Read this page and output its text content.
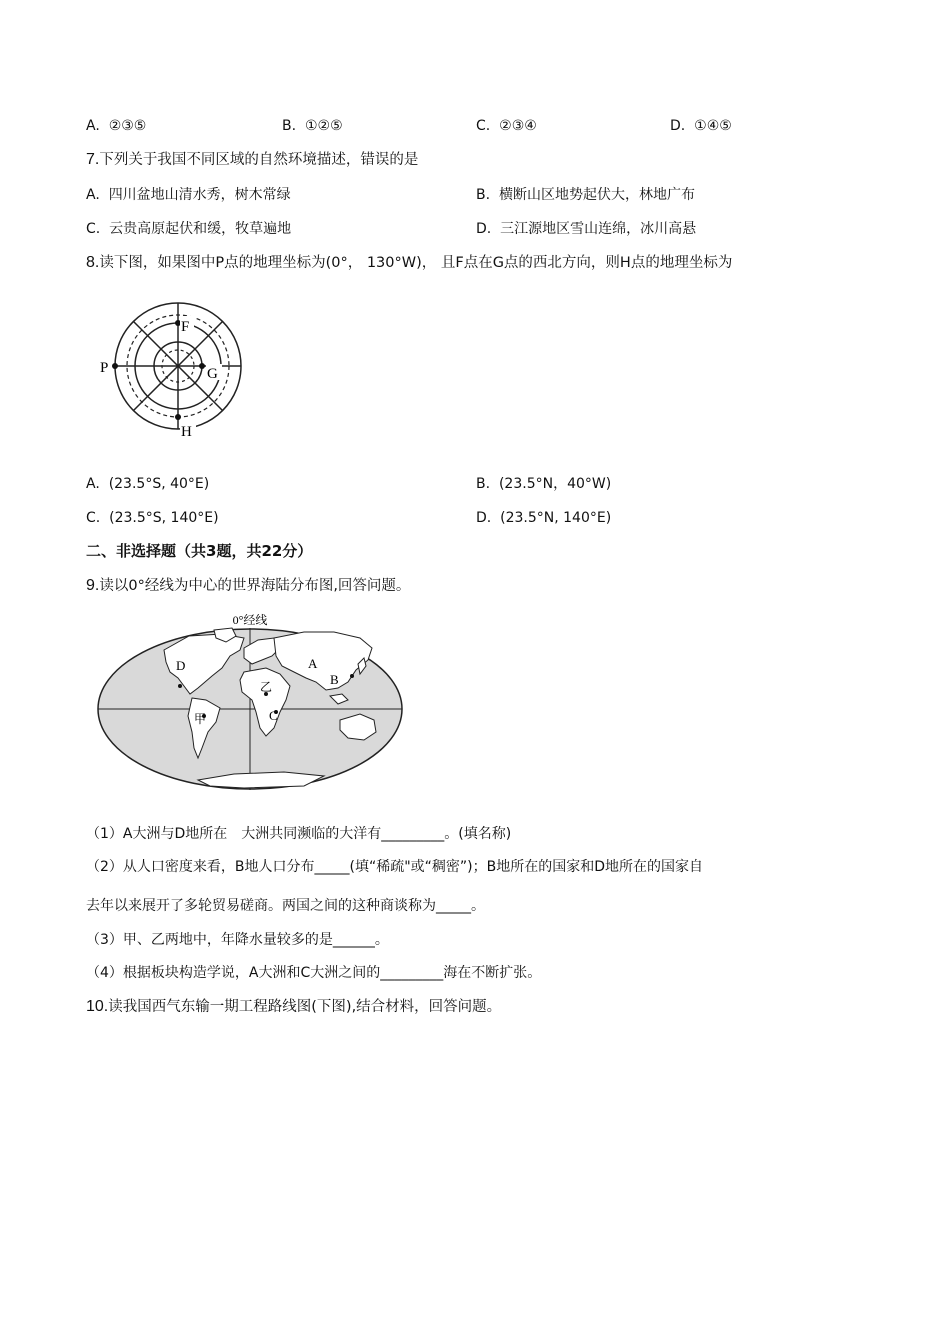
A. ②③⑤	B. ①②⑤	C. ②③④	D. ①④⑤
7.下列关于我国不同区域的自然环境描述，错误的是
A. 四川盆地山清水秀，树木常绿	B. 横断山区地势起伏大，林地广布
C. 云贵高原起伏和缓，牧草遍地	D. 三江源地区雪山连绵，冰川高悬
8.读下图，如果图中P点的地理坐标为(0°， 130°W)， 且F点在G点的西北方向，则H点的地理坐标为
F
P	G
H
A. (23.5°S, 40°E)	B. (23.5°N，40°W)
C. (23.5°S, 140°E)	D. (23.5°N, 140°E)
二、非选择题（共3题，共22分）
9.读以0°经线为中心的世界海陆分布图,回答问题。
0°经线
A
B
C
D
甲
乙
（1）A大洲与D地所在　大洲共同濒临的大洋有_________。(填名称)
（2）从人口密度来看，B地人口分布_____(填“稀疏"或“稠密”)；B地所在的国家和D地所在的国家自
去年以来展开了多轮贸易磋商。两国之间的这种商谈称为_____。
（3）甲、乙两地中，年降水量较多的是______。
（4）根据板块构造学说，A大洲和C大洲之间的_________海在不断扩张。
10.读我国西气东输一期工程路线图(下图),结合材料，回答问题。
